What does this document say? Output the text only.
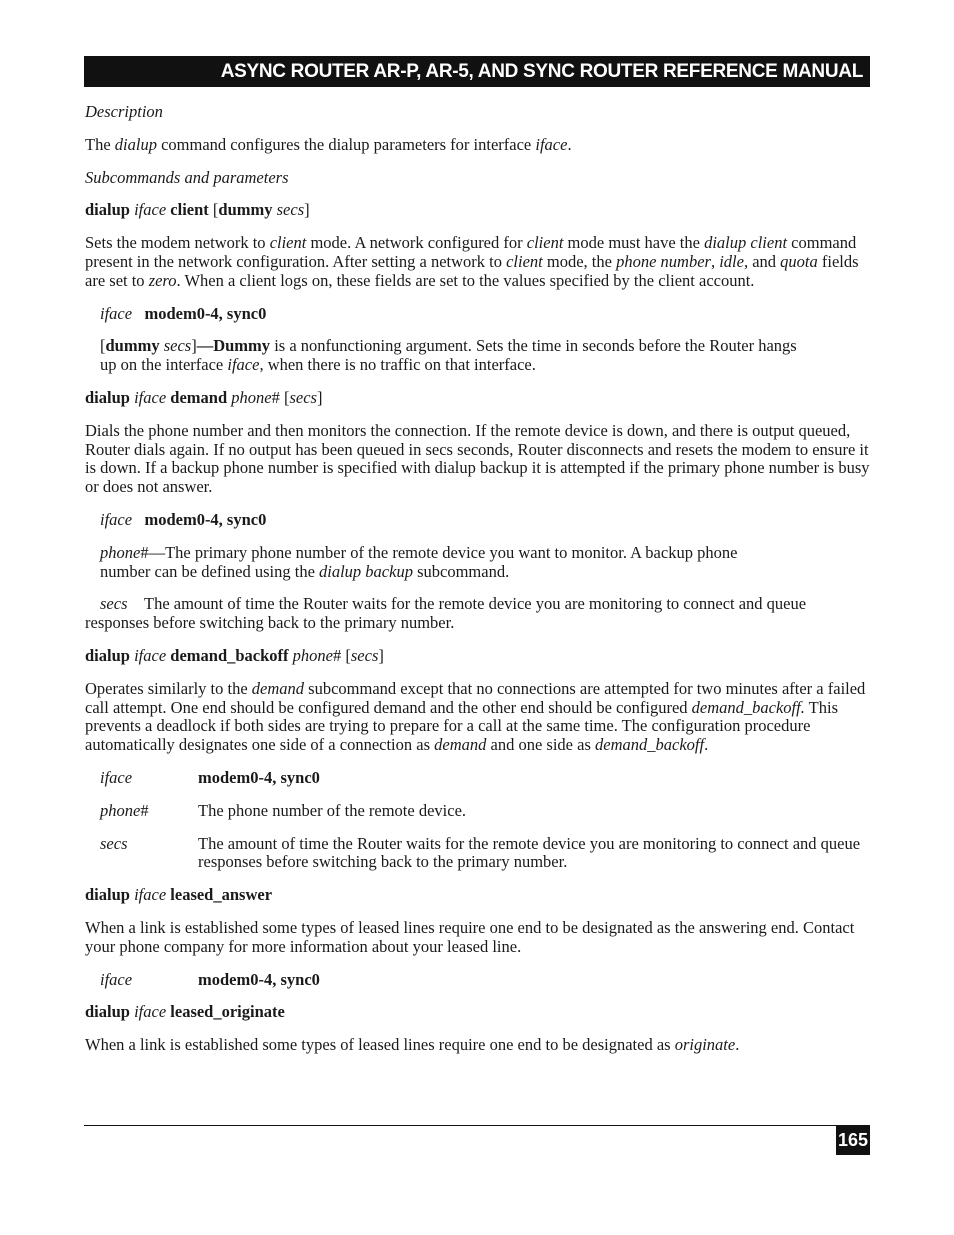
ASYNC ROUTER AR-P, AR-5, AND SYNC ROUTER REFERENCE MANUAL
Description

The dialup command configures the dialup parameters for interface iface.

Subcommands and parameters
dialup iface client [dummy secs]

Sets the modem network to client mode. A network configured for client mode must have the dialup client command present in the network configuration. After setting a network to client mode, the phone number, idle, and quota fields are set to zero. When a client logs on, these fields are set to the values specified by the client account.

iface modem0-4, sync0

[dummy secs]—Dummy is a nonfunctioning argument. Sets the time in seconds before the Router hangs
up on the interface iface, when there is no traffic on that interface.

dialup iface demand phone# [secs]

Dials the phone number and then monitors the connection. If the remote device is down, and there is output queued, Router dials again. If no output has been queued in secs seconds, Router disconnects and resets the modem to ensure it is down. If a backup phone number is specified with dialup backup it is attempted if the primary phone number is busy or does not answer.

iface modem0-4, sync0

phone#—The primary phone number of the remote device you want to monitor. A backup phone
number can be defined using the dialup backup subcommand.

secs The amount of time the Router waits for the remote device you are monitoring to connect and queue responses before switching back to the primary number.

dialup iface demand_backoff phone# [secs]

Operates similarly to the demand subcommand except that no connections are attempted for two minutes after a failed call attempt. One end should be configured demand and the other end should be configured demand_backoff. This prevents a deadlock if both sides are trying to prepare for a call at the same time. The configuration procedure automatically designates one side of a connection as demand and one side as demand_backoff.

iface	modem0-4, sync0
phone#	The phone number of the remote device.
secs	The amount of time the Router waits for the remote device you are monitoring to connect and queue responses before switching back to the primary number.
dialup iface leased_answer

When a link is established some types of leased lines require one end to be designated as the answering end. Contact your phone company for more information about your leased line.

iface	modem0-4, sync0
dialup iface leased_originate

When a link is established some types of leased lines require one end to be designated as originate.

165
